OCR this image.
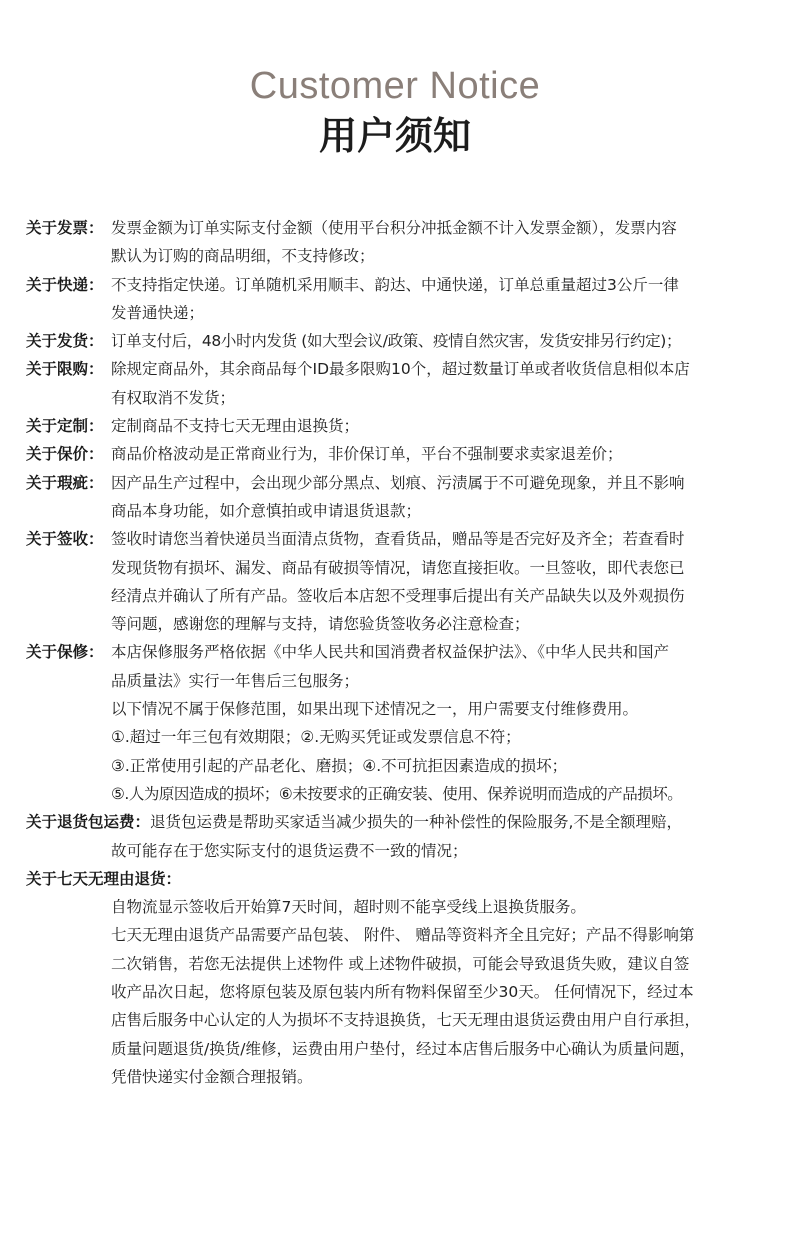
Customer Notice
用户须知
关于发票： 发票金额为订单实际支付金额（使用平台积分冲抵金额不计入发票金额），发票内容

默认为订购的商品明细，不支持修改；

关于快递： 不支持指定快递。订单随机采用顺丰、韵达、中通快递，订单总重量超过3公斤一律

发普通快递；

关于发货： 订单支付后，48小时内发货 (如大型会议/政策、疫情自然灾害，发货安排另行约定)；

关于限购： 除规定商品外，其余商品每个ID最多限购10个，超过数量订单或者收货信息相似本店

有权取消不发货；

关于定制： 定制商品不支持七天无理由退换货；

关于保价： 商品价格波动是正常商业行为，非价保订单，平台不强制要求卖家退差价；

关于瑕疵： 因产品生产过程中，会出现少部分黑点、划痕、污渍属于不可避免现象，并且不影响

商品本身功能，如介意慎拍或申请退货退款；

关于签收： 签收时请您当着快递员当面清点货物，查看货品，赠品等是否完好及齐全；若查看时

发现货物有损坏、漏发、商品有破损等情况，请您直接拒收。一旦签收，即代表您已

经清点并确认了所有产品。签收后本店恕不受理事后提出有关产品缺失以及外观损伤

等问题，感谢您的理解与支持，请您验货签收务必注意检查；

关于保修： 本店保修服务严格依据《中华人民共和国消费者权益保护法》、《中华人民共和国产

品质量法》实行一年售后三包服务；

以下情况不属于保修范围，如果出现下述情况之一，用户需要支付维修费用。

①.超过一年三包有效期限；②.无购买凭证或发票信息不符；

③.正常使用引起的产品老化、磨损；④.不可抗拒因素造成的损坏；

⑤.人为原因造成的损坏；⑥未按要求的正确安装、使用、保养说明而造成的产品损坏。

关于退货包运费：退货包运费是帮助买家适当减少损失的一种补偿性的保险服务,不是全额理赔，

故可能存在于您实际支付的退货运费不一致的情况；

关于七天无理由退货：

自物流显示签收后开始算7天时间，超时则不能享受线上退换货服务。

七天无理由退货产品需要产品包装、 附件、 赠品等资料齐全且完好；产品不得影响第

二次销售，若您无法提供上述物件 或上述物件破损，可能会导致退货失败，建议自签

收产品次日起，您将原包装及原包装内所有物料保留至少30天。 任何情况下，经过本

店售后服务中心认定的人为损坏不支持退换货，七天无理由退货运费由用户自行承担，

质量问题退货/换货/维修，运费由用户垫付，经过本店售后服务中心确认为质量问题，

凭借快递实付金额合理报销。
